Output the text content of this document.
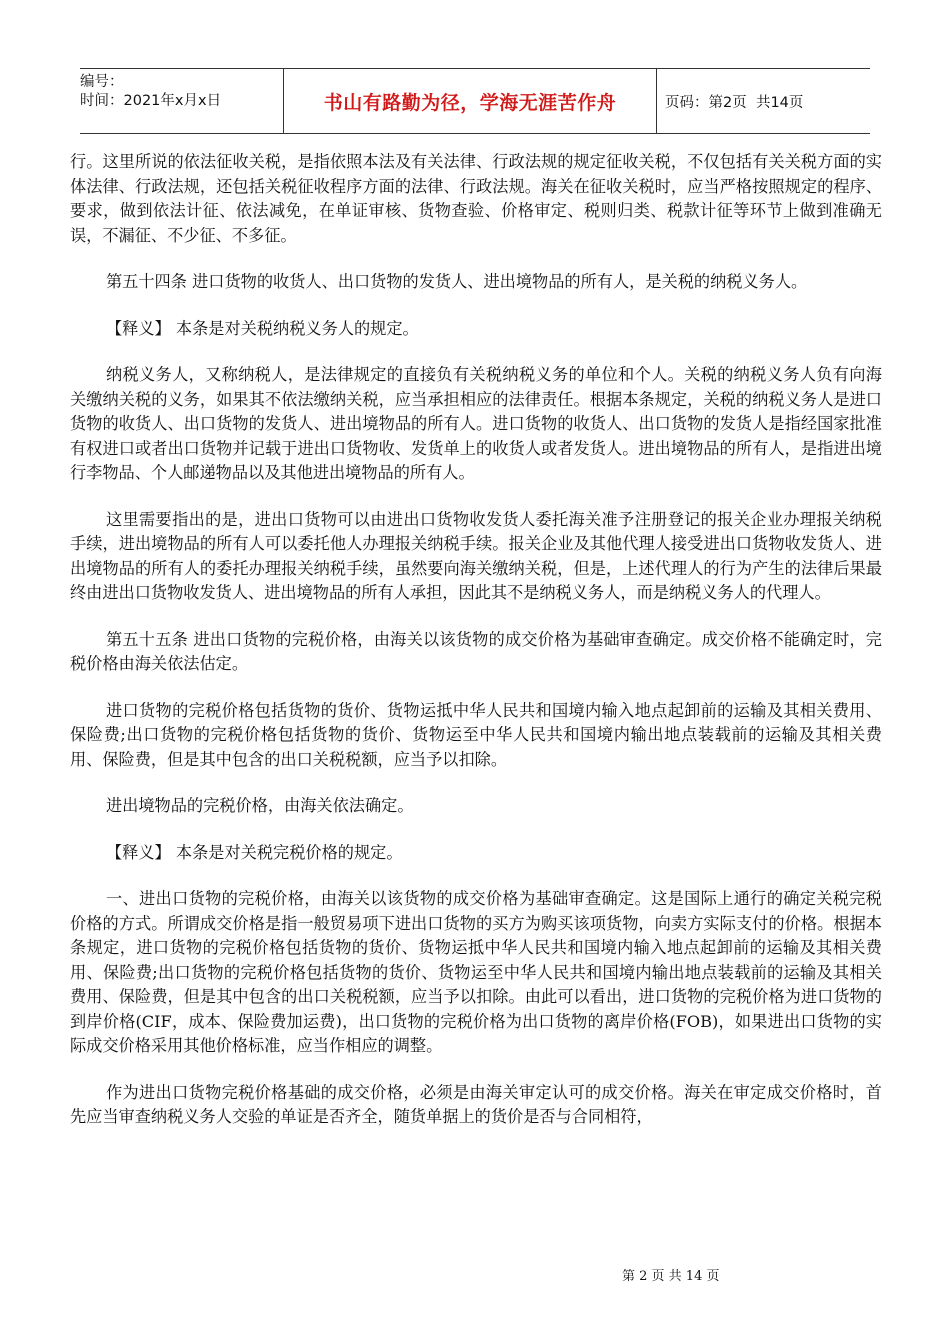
编号：
时间：2021年x月x日	书山有路勤为径，学海无涯苦作舟	页码：第2页  共14页

行。这里所说的依法征收关税，是指依照本法及有关法律、行政法规的规定征收关税，不仅包括有关关税方面的实体法律、行政法规，还包括关税征收程序方面的法律、行政法规。海关在征收关税时，应当严格按照规定的程序、要求，做到依法计征、依法减免，在单证审核、货物查验、价格审定、税则归类、税款计征等环节上做到准确无误，不漏征、不少征、不多征。

第五十四条 进口货物的收货人、出口货物的发货人、进出境物品的所有人，是关税的纳税义务人。

【释义】 本条是对关税纳税义务人的规定。

纳税义务人，又称纳税人，是法律规定的直接负有关税纳税义务的单位和个人。关税的纳税义务人负有向海关缴纳关税的义务，如果其不依法缴纳关税，应当承担相应的法律责任。根据本条规定，关税的纳税义务人是进口货物的收货人、出口货物的发货人、进出境物品的所有人。进口货物的收货人、出口货物的发货人是指经国家批准有权进口或者出口货物并记载于进出口货物收、发货单上的收货人或者发货人。进出境物品的所有人，是指进出境行李物品、个人邮递物品以及其他进出境物品的所有人。

这里需要指出的是，进出口货物可以由进出口货物收发货人委托海关准予注册登记的报关企业办理报关纳税手续，进出境物品的所有人可以委托他人办理报关纳税手续。报关企业及其他代理人接受进出口货物收发货人、进出境物品的所有人的委托办理报关纳税手续，虽然要向海关缴纳关税，但是，上述代理人的行为产生的法律后果最终由进出口货物收发货人、进出境物品的所有人承担，因此其不是纳税义务人，而是纳税义务人的代理人。

第五十五条 进出口货物的完税价格，由海关以该货物的成交价格为基础审查确定。成交价格不能确定时，完税价格由海关依法估定。

进口货物的完税价格包括货物的货价、货物运抵中华人民共和国境内输入地点起卸前的运输及其相关费用、保险费;出口货物的完税价格包括货物的货价、货物运至中华人民共和国境内输出地点装载前的运输及其相关费用、保险费，但是其中包含的出口关税税额，应当予以扣除。

进出境物品的完税价格，由海关依法确定。

【释义】 本条是对关税完税价格的规定。

一、进出口货物的完税价格，由海关以该货物的成交价格为基础审查确定。这是国际上通行的确定关税完税价格的方式。所谓成交价格是指一般贸易项下进出口货物的买方为购买该项货物，向卖方实际支付的价格。根据本条规定，进口货物的完税价格包括货物的货价、货物运抵中华人民共和国境内输入地点起卸前的运输及其相关费用、保险费;出口货物的完税价格包括货物的货价、货物运至中华人民共和国境内输出地点装载前的运输及其相关费用、保险费，但是其中包含的出口关税税额，应当予以扣除。由此可以看出，进口货物的完税价格为进口货物的到岸价格(CIF，成本、保险费加运费)，出口货物的完税价格为出口货物的离岸价格(FOB)，如果进出口货物的实际成交价格采用其他价格标准，应当作相应的调整。

作为进出口货物完税价格基础的成交价格，必须是由海关审定认可的成交价格。海关在审定成交价格时，首先应当审查纳税义务人交验的单证是否齐全，随货单据上的货价是否与合同相符，

第 2 页 共 14 页
